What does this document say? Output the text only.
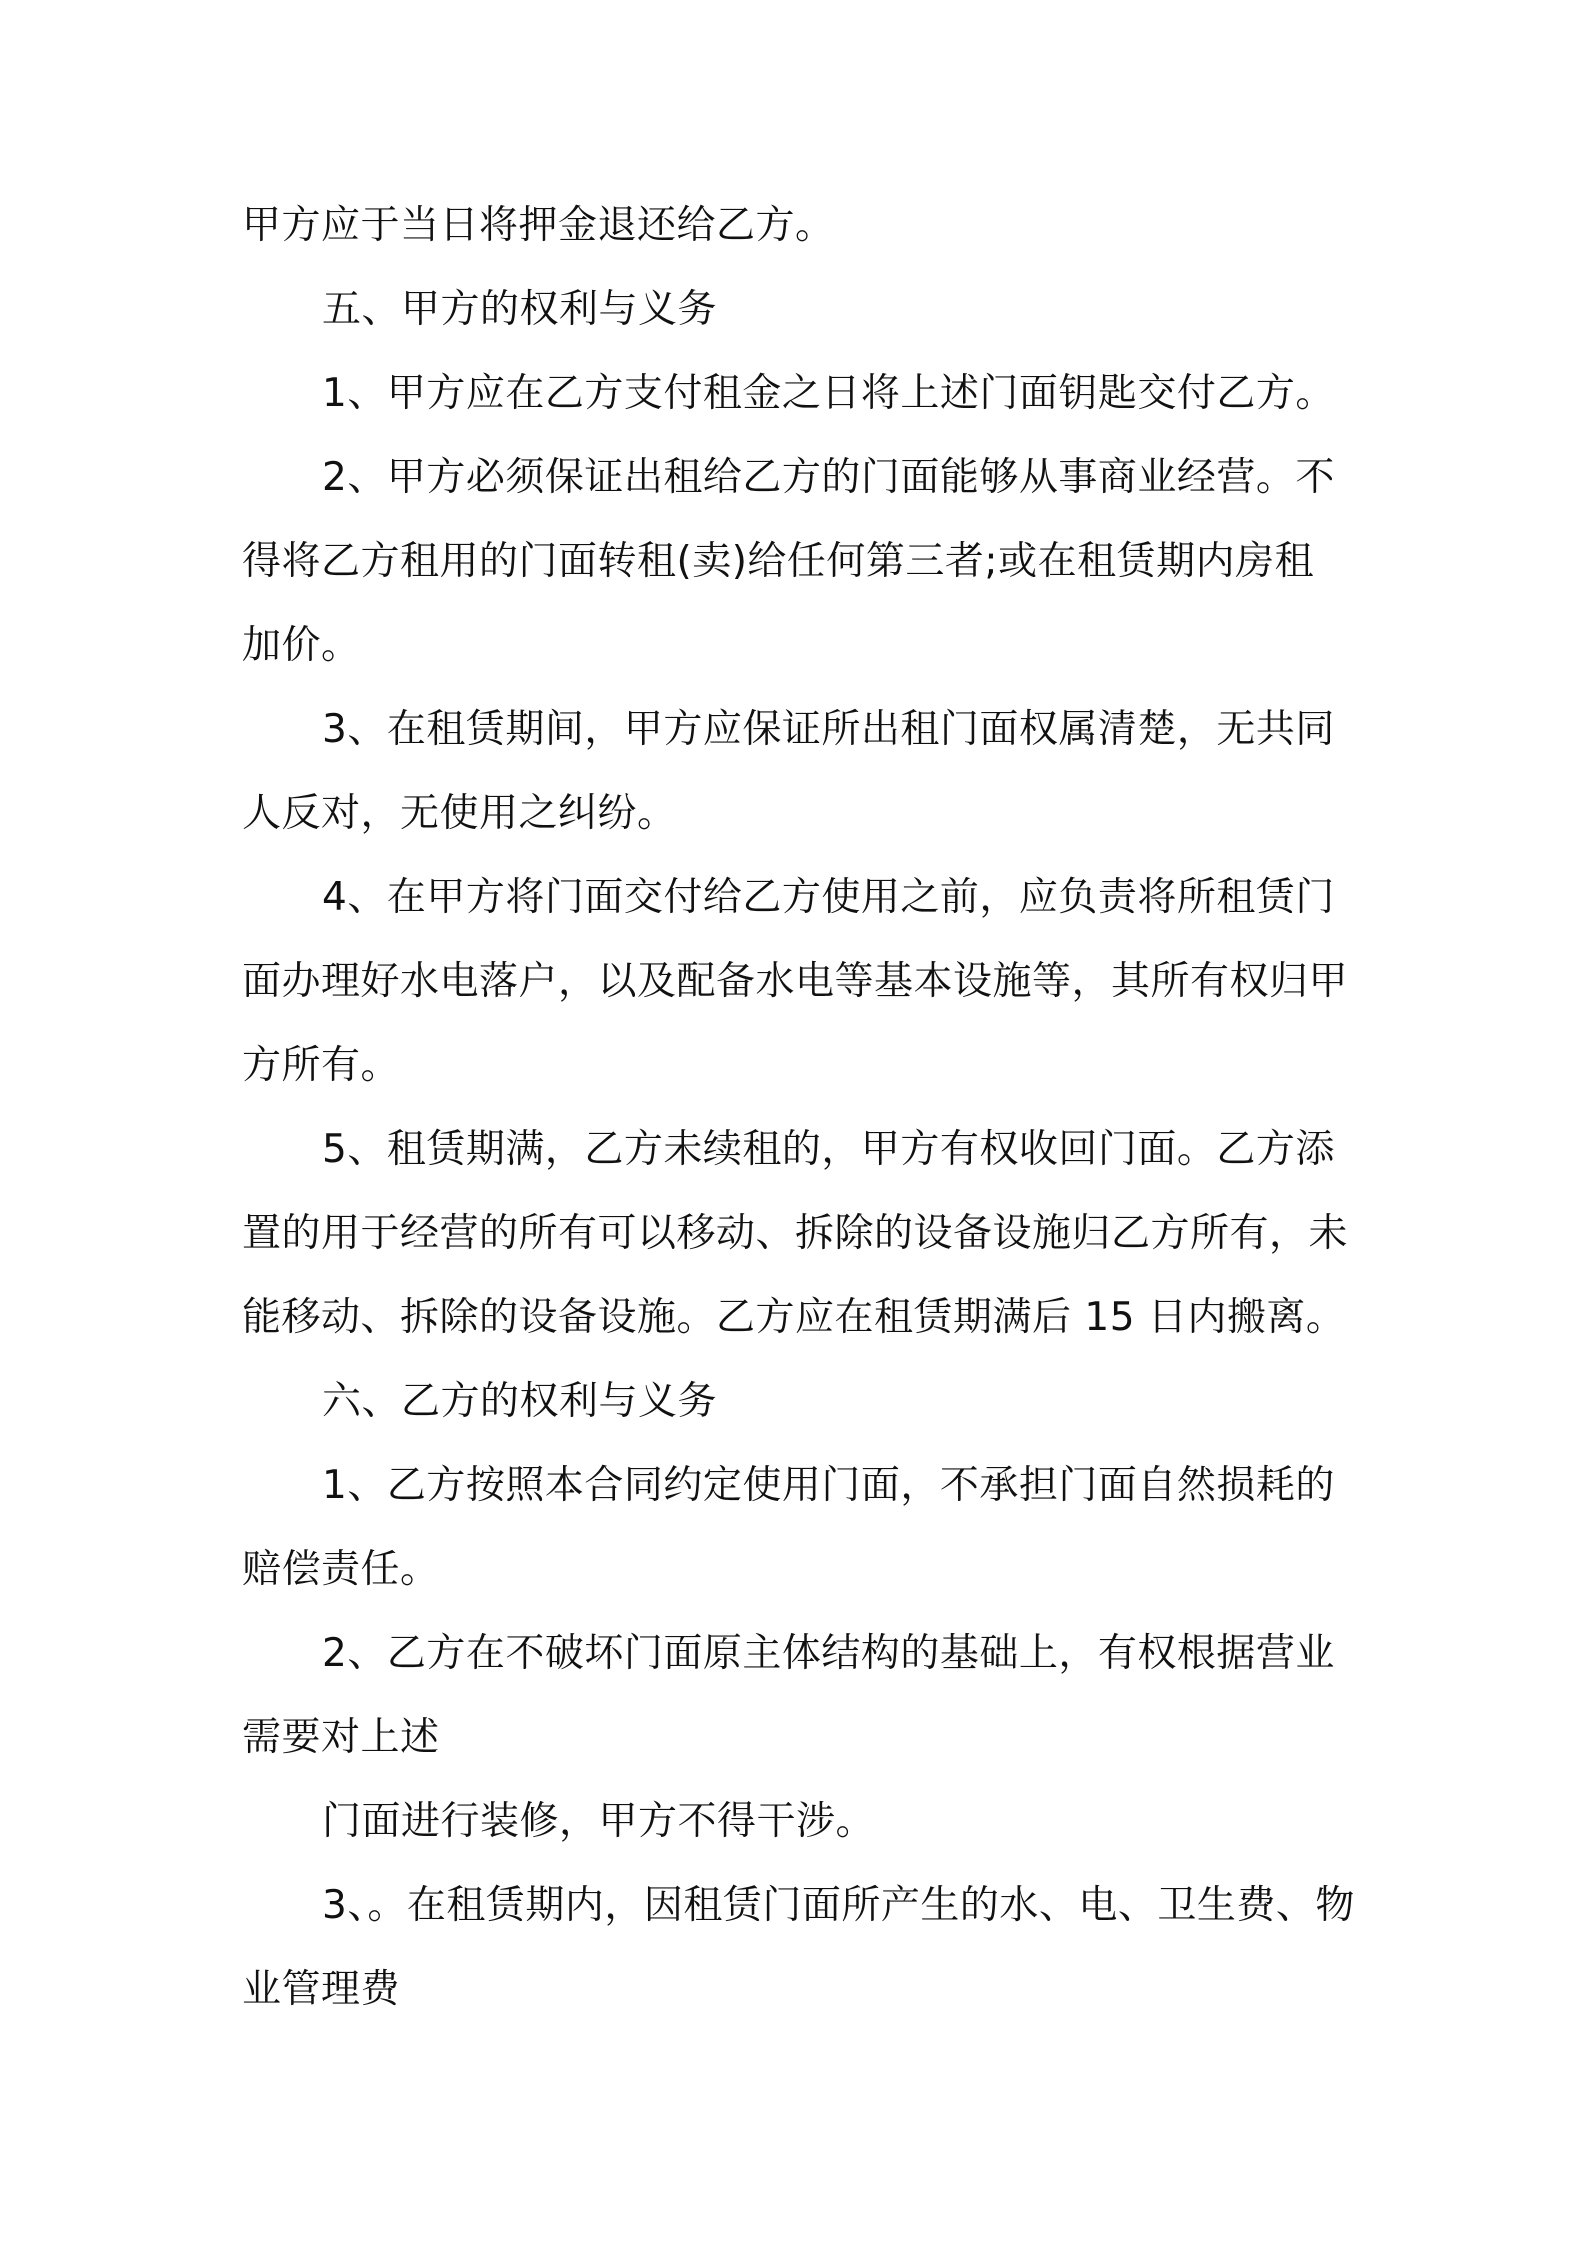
甲方应于当日将押金退还给乙方。
五、甲方的权利与义务
1、甲方应在乙方支付租金之日将上述门面钥匙交付乙方。
2、甲方必须保证出租给乙方的门面能够从事商业经营。不
得将乙方租用的门面转租(卖)给任何第三者;或在租赁期内房租
加价。
3、在租赁期间，甲方应保证所出租门面权属清楚，无共同
人反对，无使用之纠纷。
4、在甲方将门面交付给乙方使用之前，应负责将所租赁门
面办理好水电落户，以及配备水电等基本设施等，其所有权归甲
方所有。
5、租赁期满，乙方未续租的，甲方有权收回门面。乙方添
置的用于经营的所有可以移动、拆除的设备设施归乙方所有，未
能移动、拆除的设备设施。乙方应在租赁期满后 15 日内搬离。
六、乙方的权利与义务
1、乙方按照本合同约定使用门面，不承担门面自然损耗的
赔偿责任。
2、乙方在不破坏门面原主体结构的基础上，有权根据营业
需要对上述
门面进行装修，甲方不得干涉。
3、。在租赁期内，因租赁门面所产生的水、电、卫生费、物
业管理费
